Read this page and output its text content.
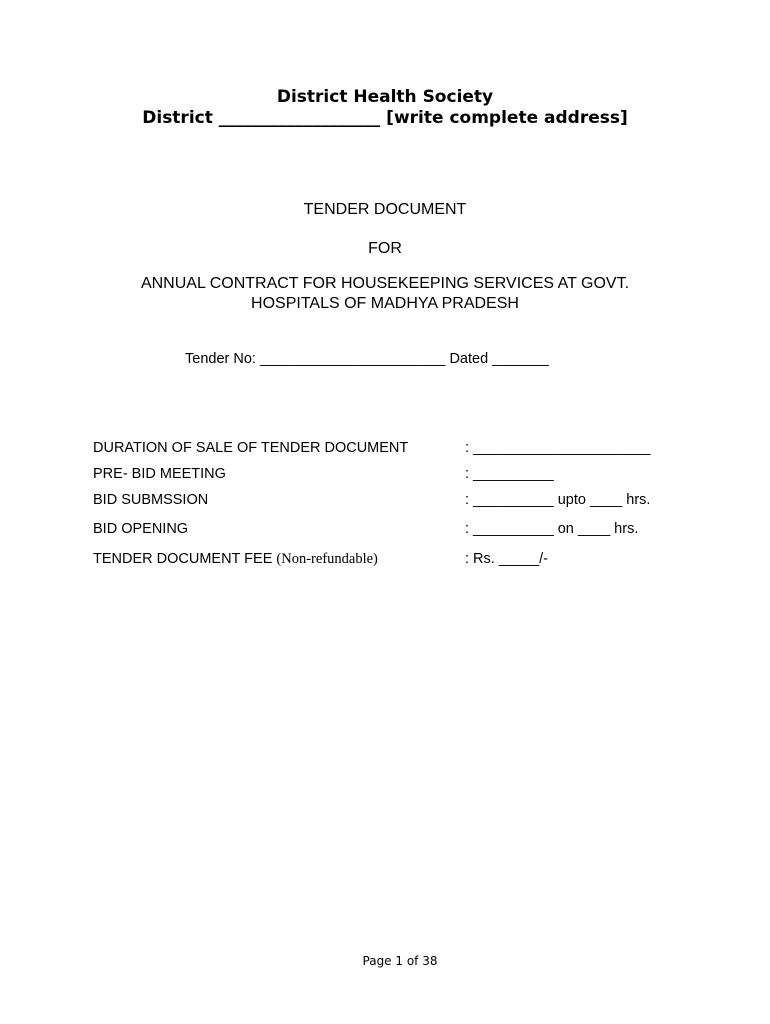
District Health Society
District ___________________ [write complete address]
TENDER DOCUMENT
FOR
ANNUAL CONTRACT FOR HOUSEKEEPING SERVICES AT GOVT.
HOSPITALS OF MADHYA PRADESH
Tender No: _______________________ Dated _______
DURATION OF SALE OF TENDER DOCUMENT	: ______________________
PRE- BID MEETING	: __________
BID SUBMSSION	: __________ upto ____ hrs.
BID OPENING	: __________ on ____ hrs.
TENDER DOCUMENT FEE (Non-refundable)	: Rs. _____/-
Page 1 of 38
